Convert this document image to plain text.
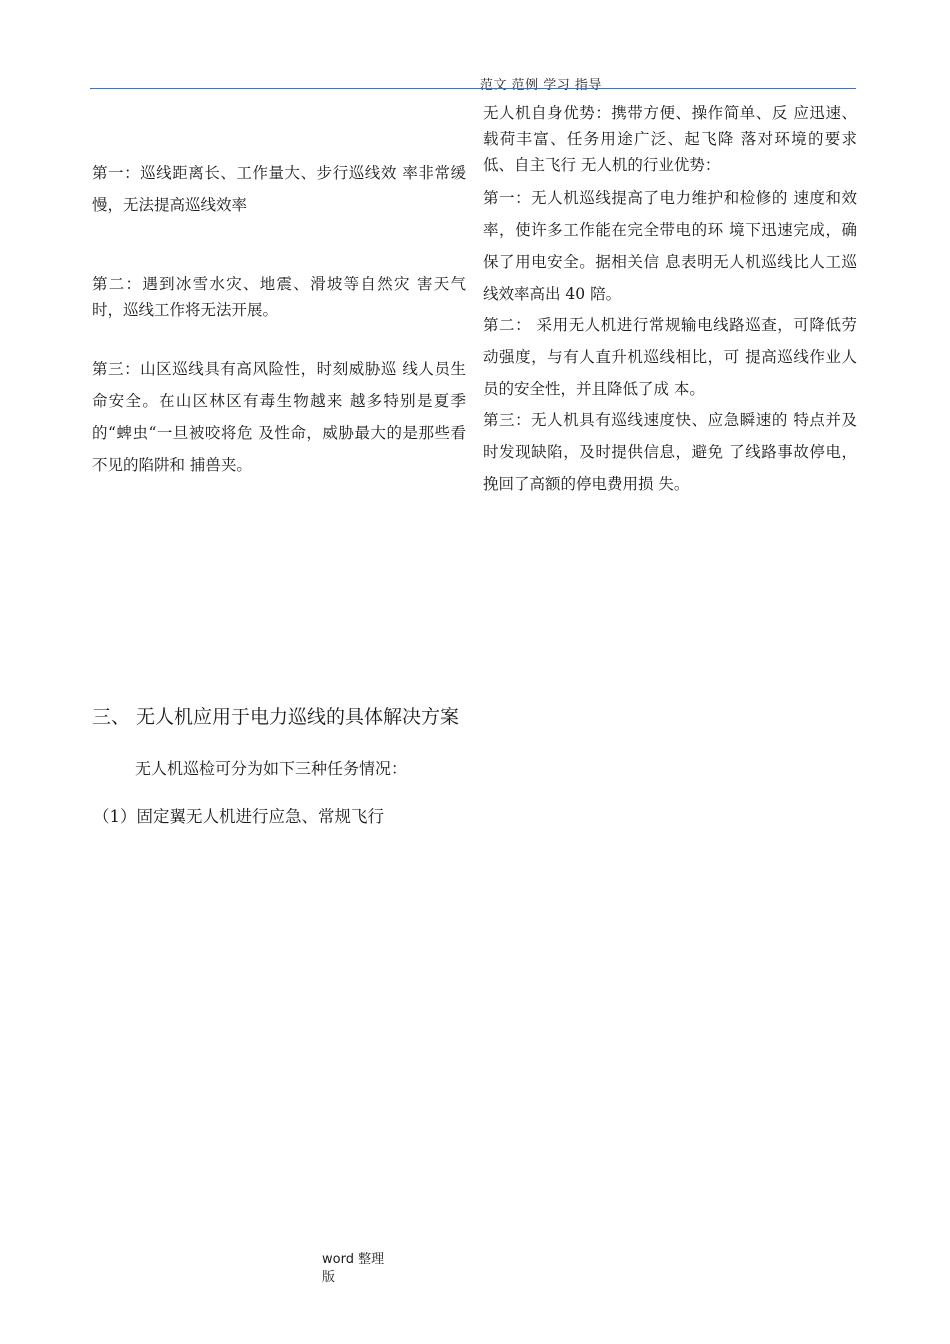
范文 范例 学习 指导

第一：巡线距离长、工作量大、步行巡线效 率非常缓慢，无法提高巡线效率

第二：遇到冰雪水灾、地震、滑坡等自然灾 害天气时，巡线工作将无法开展。

第三：山区巡线具有高风险性，时刻威胁巡 线人员生命安全。在山区林区有毒生物越来 越多特别是夏季的“蜱虫“一旦被咬将危 及性命，威胁最大的是那些看不见的陷阱和 捕兽夹。

无人机自身优势：携带方便、操作简单、反 应迅速、载荷丰富、任务用途广泛、起飞降 落对环境的要求低、自主飞行 无人机的行业优势：

第一：无人机巡线提高了电力维护和检修的 速度和效率，使许多工作能在完全带电的环 境下迅速完成，确保了用电安全。据相关信 息表明无人机巡线比人工巡线效率高出 40 陪。

第二： 采用无人机进行常规输电线路巡查，可降低劳动强度，与有人直升机巡线相比，可 提高巡线作业人员的安全性，并且降低了成 本。

第三：无人机具有巡线速度快、应急瞬速的 特点并及时发现缺陷，及时提供信息，避免 了线路事故停电，挽回了高额的停电费用损 失。

三、 无人机应用于电力巡线的具体解决方案

无人机巡检可分为如下三种任务情况：

（1）固定翼无人机进行应急、常规飞行

word 整理
版
